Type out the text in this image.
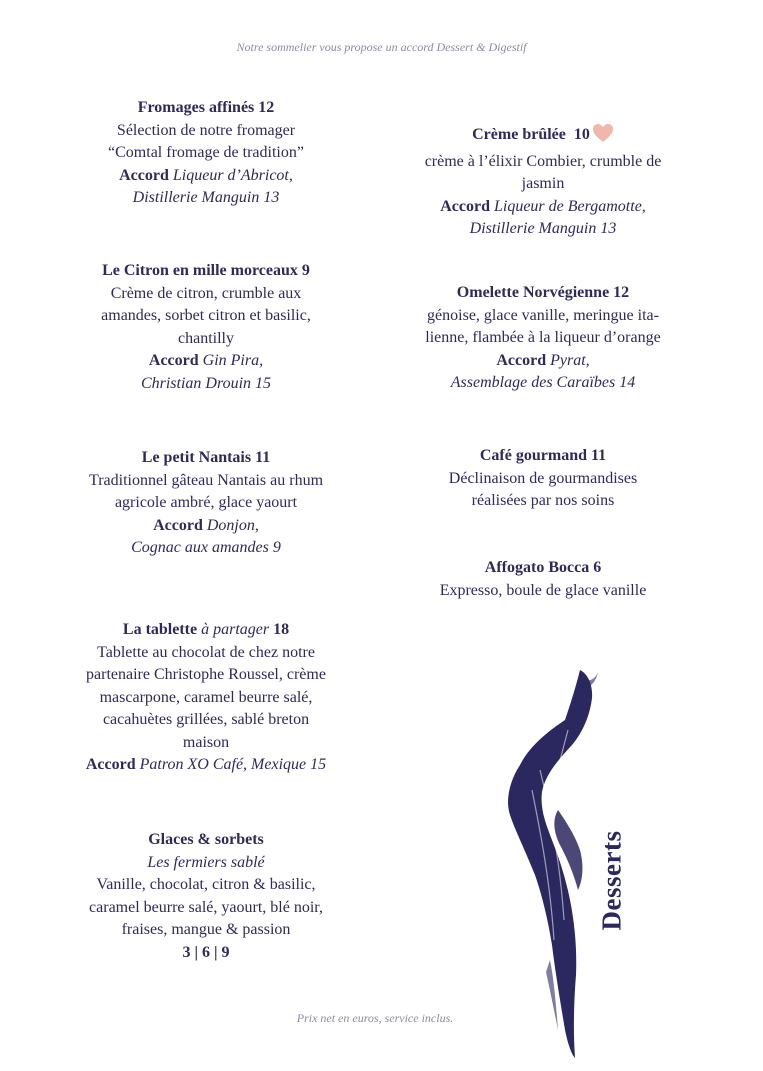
Notre sommelier vous propose un accord Dessert & Digestif
Fromages affinés 12
Sélection de notre fromager
“Comtal fromage de tradition”
Accord Liqueur d’Abricot,
Distillerie Manguin 13
Le Citron en mille morceaux 9
Crème de citron, crumble aux
amandes, sorbet citron et basilic,
chantilly
Accord Gin Pira,
Christian Drouin 15
Le petit Nantais 11
Traditionnel gâteau Nantais au rhum
agricole ambré, glace yaourt
Accord Donjon,
Cognac aux amandes 9
La tablette à partager 18
Tablette au chocolat de chez notre
partenaire Christophe Roussel, crème
mascarpone, caramel beurre salé,
cacahuètes grillées, sablé breton
maison
Accord Patron XO Café, Mexique 15
Glaces & sorbets
Les fermiers sablé
Vanille, chocolat, citron & basilic,
caramel beurre salé, yaourt, blé noir,
fraises, mangue & passion
3 | 6 | 9
Crème brûlée  10
crème à l’élixir Combier, crumble de
jasmin
Accord Liqueur de Bergamotte,
Distillerie Manguin 13
Omelette Norvégienne 12
génoise, glace vanille, meringue ita-
lienne, flambée à la liqueur d’orange
Accord Pyrat,
Assemblage des Caraïbes 14
Café gourmand 11
Déclinaison de gourmandises
réalisées par nos soins
Affogato Bocca 6
Expresso, boule de glace vanille
Desserts
Prix net en euros, service inclus.
